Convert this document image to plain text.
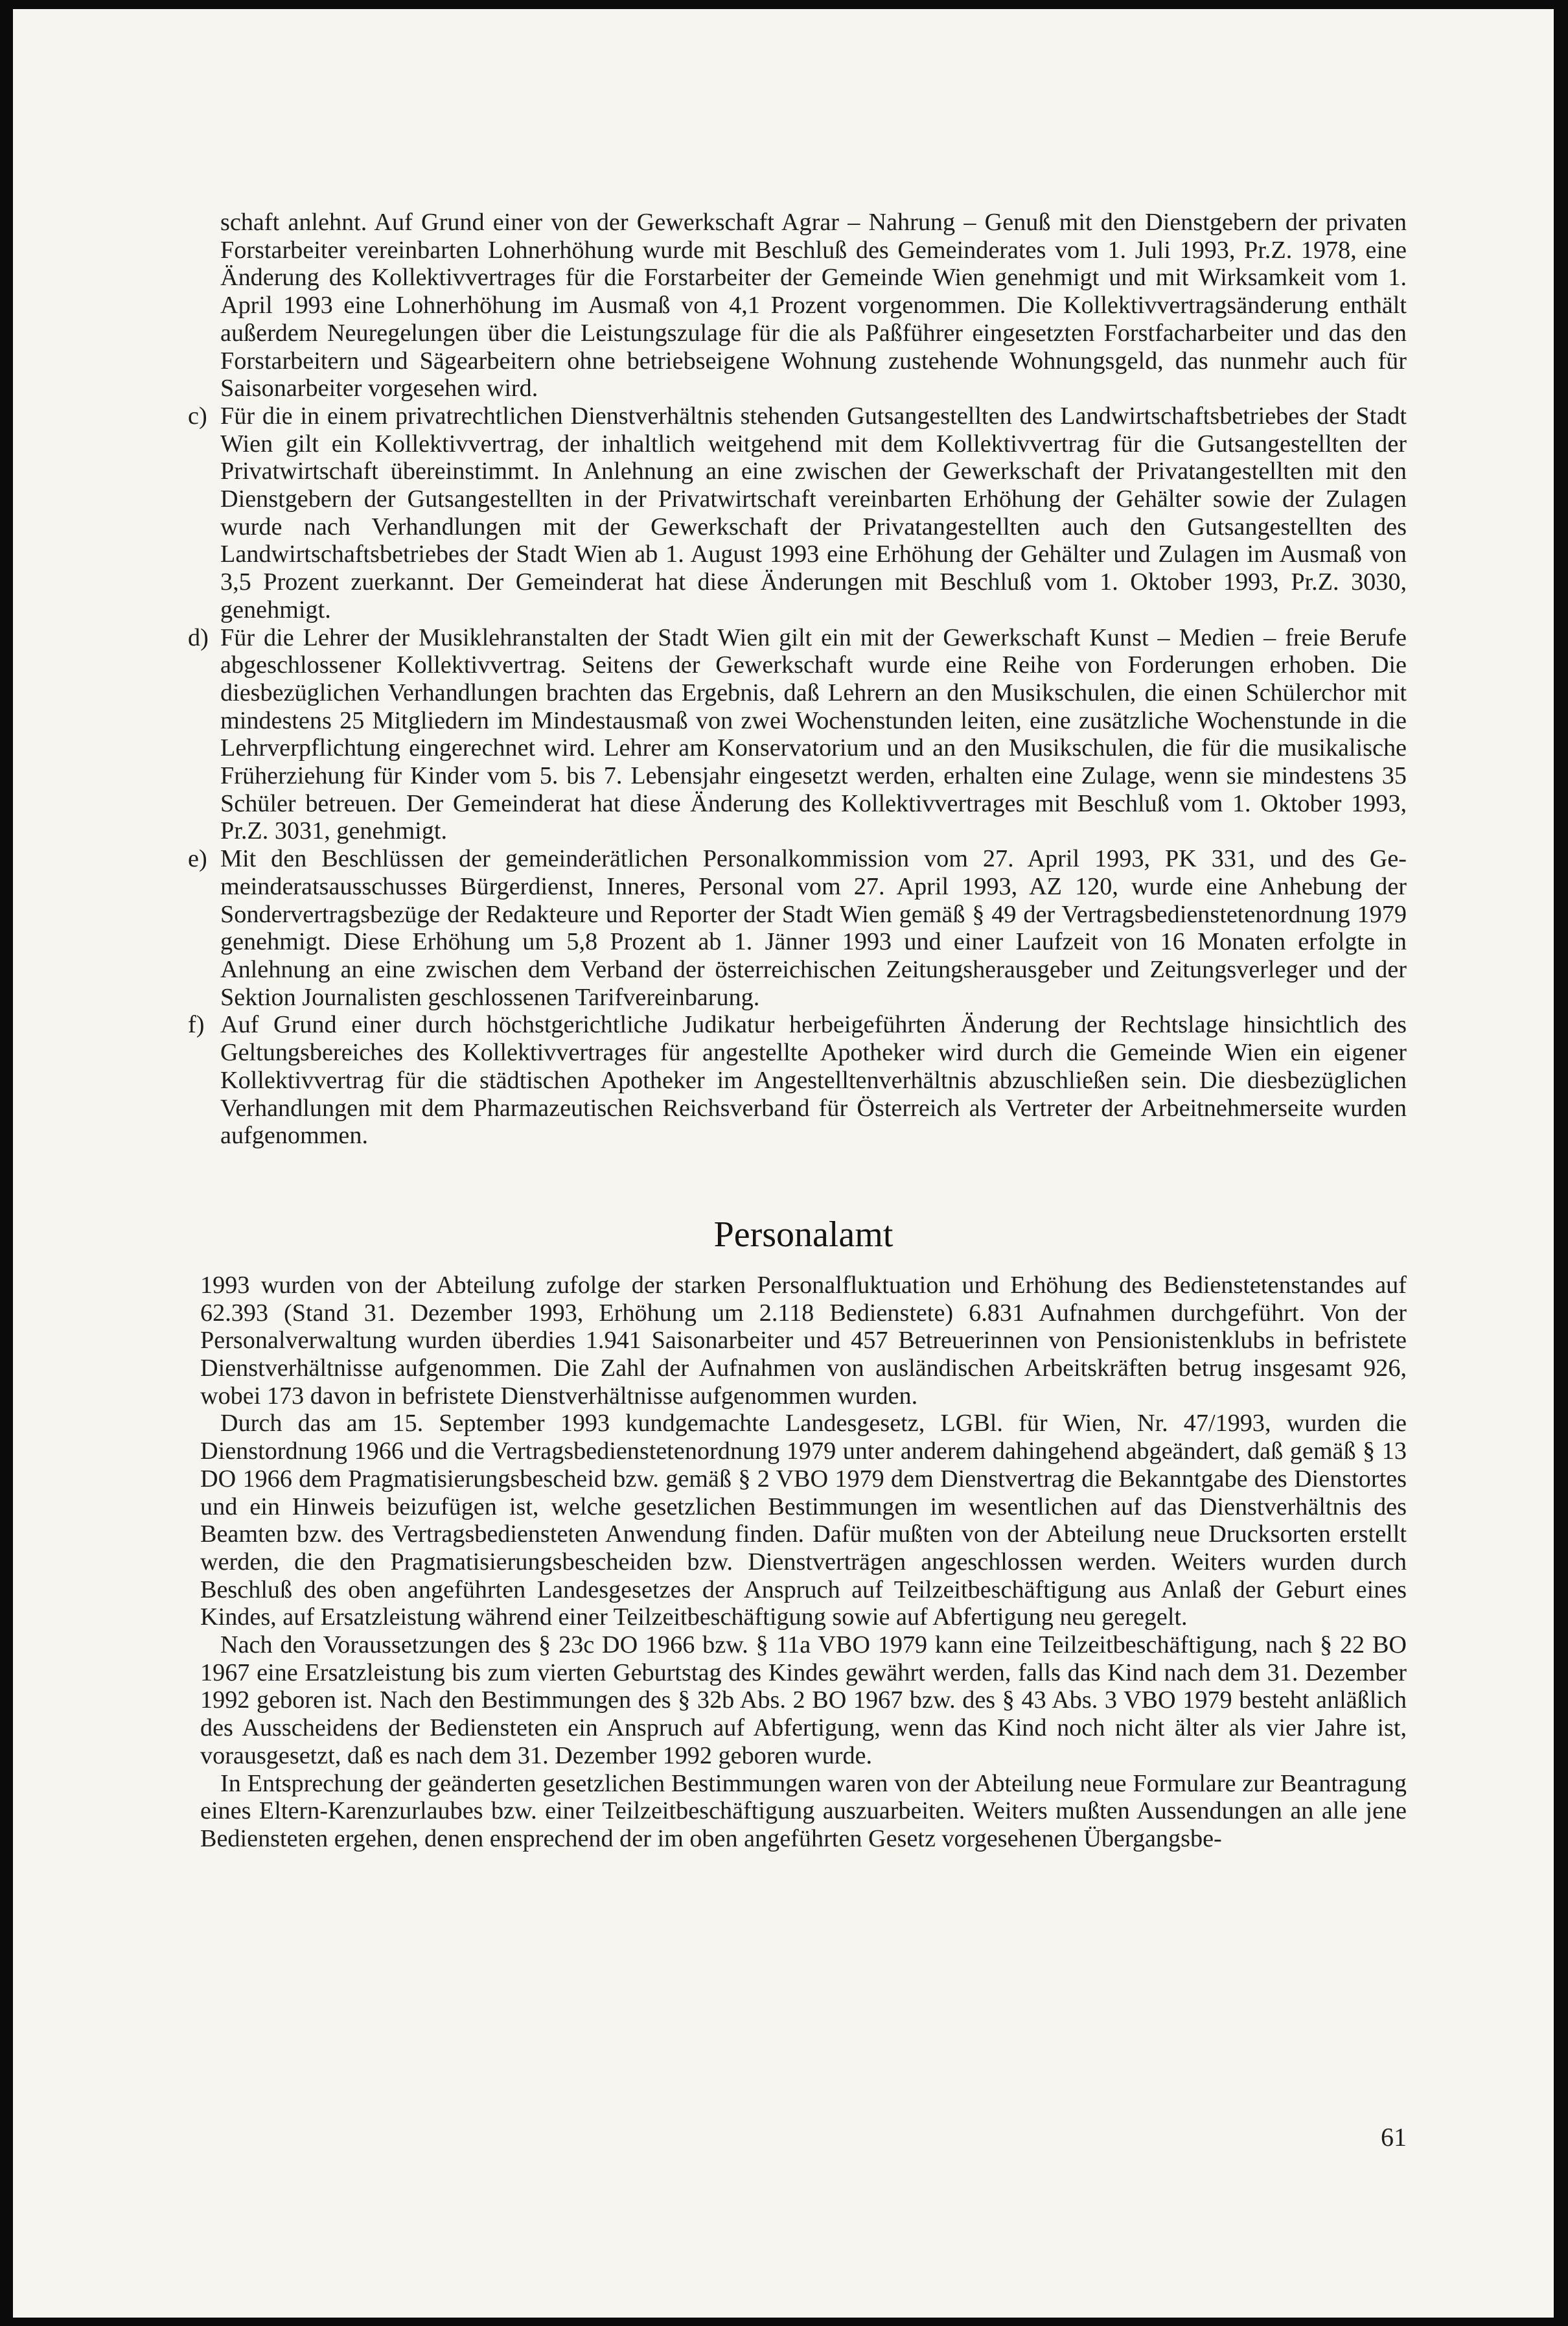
schaft anlehnt. Auf Grund einer von der Gewerkschaft Agrar – Nahrung – Genuß mit den Dienstgebern der privaten Forstarbeiter vereinbarten Lohnerhöhung wurde mit Beschluß des Gemeinderates vom 1. Juli 1993, Pr.Z. 1978, eine Änderung des Kollektivvertrages für die Forstarbeiter der Gemeinde Wien genehmigt und mit Wirksamkeit vom 1. April 1993 eine Lohnerhöhung im Ausmaß von 4,1 Prozent vorgenommen. Die Kollektivvertragsänderung enthält außerdem Neuregelungen über die Leistungszulage für die als Paßführer eingesetzten Forstfacharbeiter und das den Forstarbeitern und Sägearbeitern ohne betriebseigene Wohnung zustehende Wohnungsgeld, das nunmehr auch für Saisonarbeiter vorgesehen wird.

c) Für die in einem privatrechtlichen Dienstverhältnis stehenden Gutsangestellten des Landwirtschaftsbetriebes der Stadt Wien gilt ein Kollektivvertrag, der inhaltlich weitgehend mit dem Kollektivvertrag für die Gutsangestellten der Privatwirtschaft übereinstimmt. In Anlehnung an eine zwischen der Gewerkschaft der Privatangestellten mit den Dienstgebern der Gutsangestellten in der Privatwirtschaft vereinbarten Erhöhung der Gehälter sowie der Zulagen wurde nach Verhandlungen mit der Gewerkschaft der Privatangestellten auch den Gutsangestellten des Landwirtschaftsbetriebes der Stadt Wien ab 1. August 1993 eine Erhöhung der Gehälter und Zulagen im Ausmaß von 3,5 Prozent zuerkannt. Der Gemeinderat hat diese Änderungen mit Beschluß vom 1. Oktober 1993, Pr.Z. 3030, genehmigt.

d) Für die Lehrer der Musiklehranstalten der Stadt Wien gilt ein mit der Gewerkschaft Kunst – Medien – freie Berufe abgeschlossener Kollektivvertrag. Seitens der Gewerkschaft wurde eine Reihe von Forderungen erhoben. Die diesbezüglichen Verhandlungen brachten das Ergebnis, daß Lehrern an den Musikschulen, die einen Schülerchor mit mindestens 25 Mitgliedern im Mindestausmaß von zwei Wochenstunden leiten, eine zusätzliche Wochenstunde in die Lehrverpflichtung eingerechnet wird. Lehrer am Konservatorium und an den Musikschulen, die für die musikalische Früherziehung für Kinder vom 5. bis 7. Lebensjahr eingesetzt werden, erhalten eine Zulage, wenn sie mindestens 35 Schüler betreuen. Der Gemeinderat hat diese Änderung des Kollektivvertrages mit Beschluß vom 1. Oktober 1993, Pr.Z. 3031, genehmigt.

e) Mit den Beschlüssen der gemeinderätlichen Personalkommission vom 27. April 1993, PK 331, und des Gemeinderatsausschusses Bürgerdienst, Inneres, Personal vom 27. April 1993, AZ 120, wurde eine Anhebung der Sondervertragsbezüge der Redakteure und Reporter der Stadt Wien gemäß § 49 der Vertragsbedienstetenordnung 1979 genehmigt. Diese Erhöhung um 5,8 Prozent ab 1. Jänner 1993 und einer Laufzeit von 16 Monaten erfolgte in Anlehnung an eine zwischen dem Verband der österreichischen Zeitungsherausgeber und Zeitungsverleger und der Sektion Journalisten geschlossenen Tarifvereinbarung.

f) Auf Grund einer durch höchstgerichtliche Judikatur herbeigeführten Änderung der Rechtslage hinsichtlich des Geltungsbereiches des Kollektivvertrages für angestellte Apotheker wird durch die Gemeinde Wien ein eigener Kollektivvertrag für die städtischen Apotheker im Angestelltenverhältnis abzuschließen sein. Die diesbezüglichen Verhandlungen mit dem Pharmazeutischen Reichsverband für Österreich als Vertreter der Arbeitnehmerseite wurden aufgenommen.

Personalamt

1993 wurden von der Abteilung zufolge der starken Personalfluktuation und Erhöhung des Bedienstetenstandes auf 62.393 (Stand 31. Dezember 1993, Erhöhung um 2.118 Bedienstete) 6.831 Aufnahmen durchgeführt. Von der Personalverwaltung wurden überdies 1.941 Saisonarbeiter und 457 Betreuerinnen von Pensionistenklubs in befristete Dienstverhältnisse aufgenommen. Die Zahl der Aufnahmen von ausländischen Arbeitskräften betrug insgesamt 926, wobei 173 davon in befristete Dienstverhältnisse aufgenommen wurden.

Durch das am 15. September 1993 kundgemachte Landesgesetz, LGBl. für Wien, Nr. 47/1993, wurden die Dienstordnung 1966 und die Vertragsbedienstetenordnung 1979 unter anderem dahingehend abgeändert, daß gemäß § 13 DO 1966 dem Pragmatisierungsbescheid bzw. gemäß § 2 VBO 1979 dem Dienstvertrag die Bekanntgabe des Dienstortes und ein Hinweis beizufügen ist, welche gesetzlichen Bestimmungen im wesentlichen auf das Dienstverhältnis des Beamten bzw. des Vertragsbediensteten Anwendung finden. Dafür mußten von der Abteilung neue Drucksorten erstellt werden, die den Pragmatisierungsbescheiden bzw. Dienstverträgen angeschlossen werden. Weiters wurden durch Beschluß des oben angeführten Landesgesetzes der Anspruch auf Teilzeitbeschäftigung aus Anlaß der Geburt eines Kindes, auf Ersatzleistung während einer Teilzeitbeschäftigung sowie auf Abfertigung neu geregelt.

Nach den Voraussetzungen des § 23c DO 1966 bzw. § 11a VBO 1979 kann eine Teilzeitbeschäftigung, nach § 22 BO 1967 eine Ersatzleistung bis zum vierten Geburtstag des Kindes gewährt werden, falls das Kind nach dem 31. Dezember 1992 geboren ist. Nach den Bestimmungen des § 32b Abs. 2 BO 1967 bzw. des § 43 Abs. 3 VBO 1979 besteht anläßlich des Ausscheidens der Bediensteten ein Anspruch auf Abfertigung, wenn das Kind noch nicht älter als vier Jahre ist, vorausgesetzt, daß es nach dem 31. Dezember 1992 geboren wurde.

In Entsprechung der geänderten gesetzlichen Bestimmungen waren von der Abteilung neue Formulare zur Beantragung eines Eltern-Karenzurlaubes bzw. einer Teilzeitbeschäftigung auszuarbeiten. Weiters mußten Aussendungen an alle jene Bediensteten ergehen, denen ensprechend der im oben angeführten Gesetz vorgesehenen Übergangsbe-

61
